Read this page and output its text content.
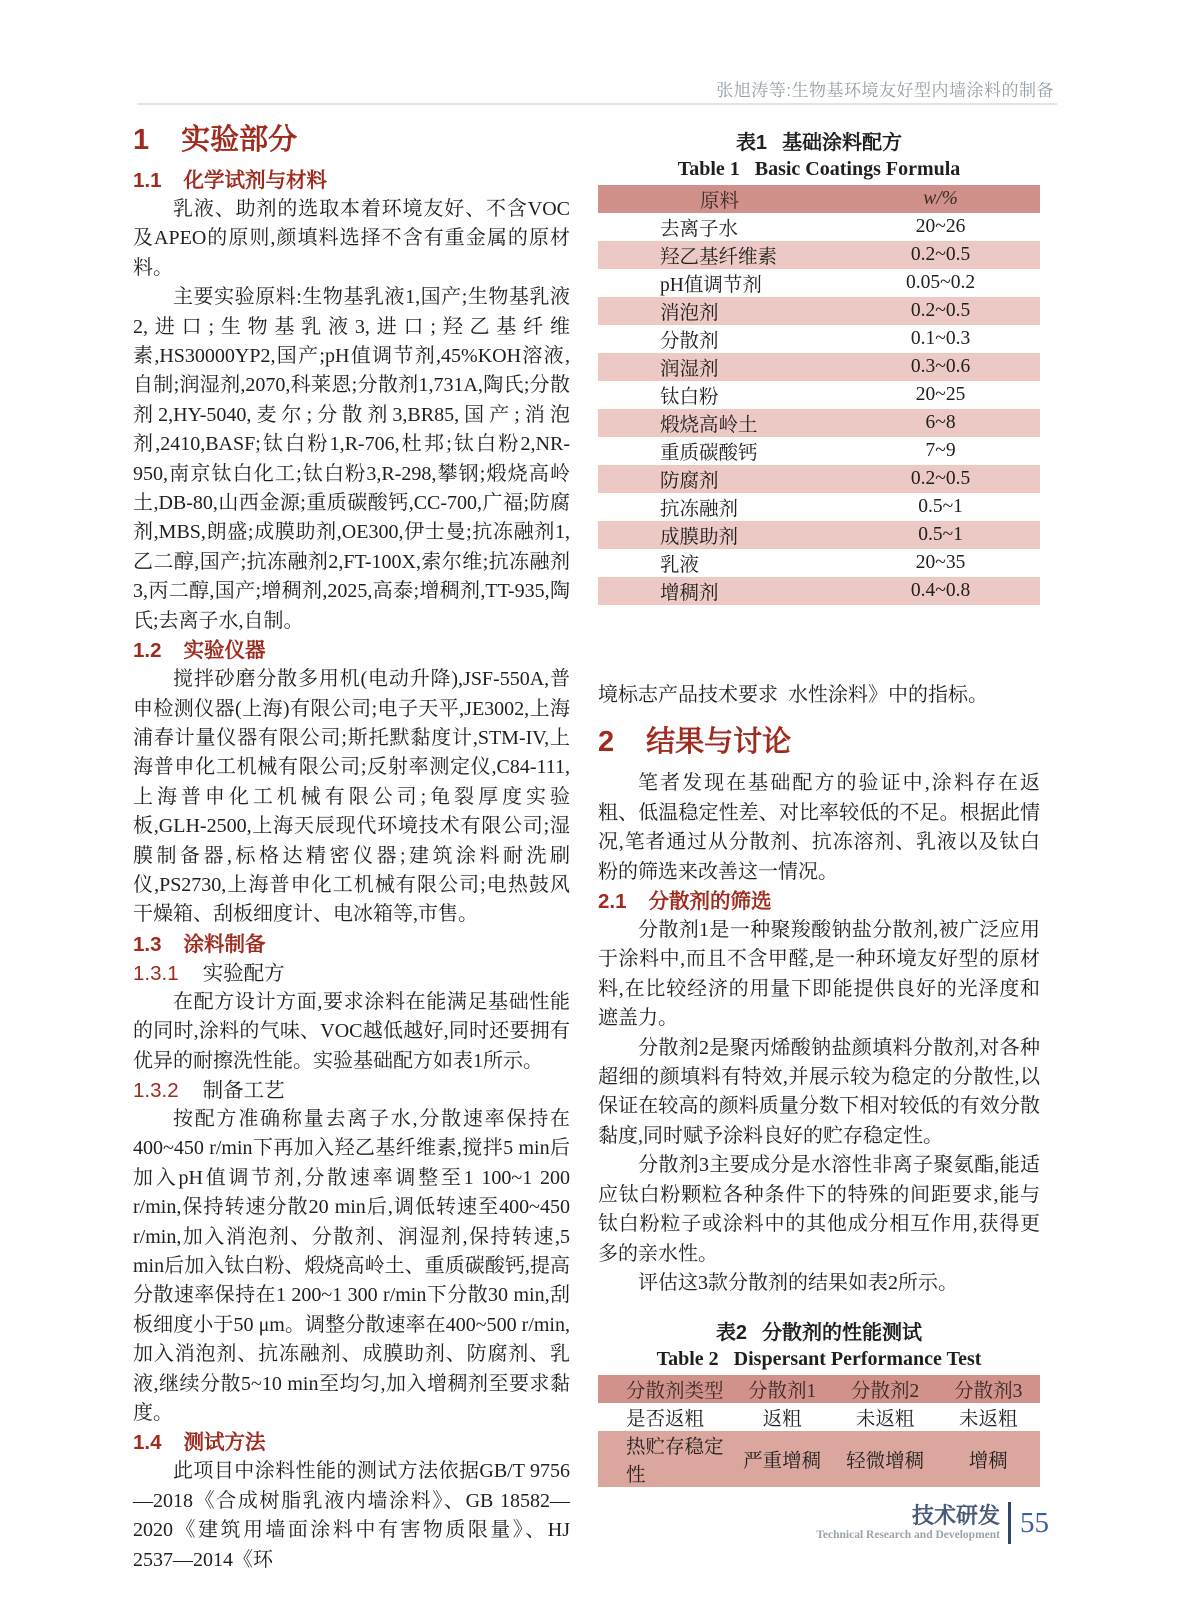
张旭涛等:生物基环境友好型内墙涂料的制备
1 实验部分
1.1 化学试剂与材料

乳液、助剂的选取本着环境友好、不含VOC及APEO的原则,颜填料选择不含有重金属的原材料。

主要实验原料:生物基乳液1,国产;生物基乳液2,进口;生物基乳液3,进口;羟乙基纤维素,HS30000YP2,国产;pH值调节剂,45%KOH溶液,自制;润湿剂,2070,科莱恩;分散剂1,731A,陶氏;分散剂2,HY-5040,麦尔;分散剂3,BR85,国产;消泡剂,2410,BASF;钛白粉1,R-706,杜邦;钛白粉2,NR-950,南京钛白化工;钛白粉3,R-298,攀钢;煅烧高岭土,DB-80,山西金源;重质碳酸钙,CC-700,广福;防腐剂,MBS,朗盛;成膜助剂,OE300,伊士曼;抗冻融剂1,乙二醇,国产;抗冻融剂2,FT-100X,索尔维;抗冻融剂3,丙二醇,国产;增稠剂,2025,高泰;增稠剂,TT-935,陶氏;去离子水,自制。

1.2 实验仪器

搅拌砂磨分散多用机(电动升降),JSF-550A,普申检测仪器(上海)有限公司;电子天平,JE3002,上海浦春计量仪器有限公司;斯托默黏度计,STM-IV,上海普申化工机械有限公司;反射率测定仪,C84-111,上海普申化工机械有限公司;龟裂厚度实验板,GLH-2500,上海天辰现代环境技术有限公司;湿膜制备器,标格达精密仪器;建筑涂料耐洗刷仪,PS2730,上海普申化工机械有限公司;电热鼓风干燥箱、刮板细度计、电冰箱等,市售。

1.3 涂料制备
1.3.1 实验配方

在配方设计方面,要求涂料在能满足基础性能的同时,涂料的气味、VOC越低越好,同时还要拥有优异的耐擦洗性能。实验基础配方如表1所示。

1.3.2 制备工艺

按配方准确称量去离子水,分散速率保持在400~450 r/min下再加入羟乙基纤维素,搅拌5 min后加入pH值调节剂,分散速率调整至1 100~1 200 r/min,保持转速分散20 min后,调低转速至400~450 r/min,加入消泡剂、分散剂、润湿剂,保持转速,5 min后加入钛白粉、煅烧高岭土、重质碳酸钙,提高分散速率保持在1 200~1 300 r/min下分散30 min,刮板细度小于50 μm。调整分散速率在400~500 r/min,加入消泡剂、抗冻融剂、成膜助剂、防腐剂、乳液,继续分散5~10 min至均匀,加入增稠剂至要求黏度。

1.4 测试方法

此项目中涂料性能的测试方法依据GB/T 9756—2018《合成树脂乳液内墙涂料》、GB 18582—2020《建筑用墙面涂料中有害物质限量》、HJ 2537—2014《环

表1 基础涂料配方
Table 1 Basic Coatings Formula
原料	w/%
去离子水	20~26
羟乙基纤维素	0.2~0.5
pH值调节剂	0.05~0.2
消泡剂	0.2~0.5
分散剂	0.1~0.3
润湿剂	0.3~0.6
钛白粉	20~25
煅烧高岭土	6~8
重质碳酸钙	7~9
防腐剂	0.2~0.5
抗冻融剂	0.5~1
成膜助剂	0.5~1
乳液	20~35
增稠剂	0.4~0.8

境标志产品技术要求  水性涂料》中的指标。

2 结果与讨论

笔者发现在基础配方的验证中,涂料存在返粗、低温稳定性差、对比率较低的不足。根据此情况,笔者通过从分散剂、抗冻溶剂、乳液以及钛白粉的筛选来改善这一情况。

2.1 分散剂的筛选

分散剂1是一种聚羧酸钠盐分散剂,被广泛应用于涂料中,而且不含甲醛,是一种环境友好型的原材料,在比较经济的用量下即能提供良好的光泽度和遮盖力。

分散剂2是聚丙烯酸钠盐颜填料分散剂,对各种超细的颜填料有特效,并展示较为稳定的分散性,以保证在较高的颜料质量分数下相对较低的有效分散黏度,同时赋予涂料良好的贮存稳定性。

分散剂3主要成分是水溶性非离子聚氨酯,能适应钛白粉颗粒各种条件下的特殊的间距要求,能与钛白粉粒子或涂料中的其他成分相互作用,获得更多的亲水性。

评估这3款分散剂的结果如表2所示。

表2 分散剂的性能测试
Table 2 Dispersant Performance Test
分散剂类型	分散剂1	分散剂2	分散剂3
是否返粗	返粗	未返粗	未返粗
热贮存稳定性	严重增稠	轻微增稠	增稠
技术研发
Technical Research and Development 55
